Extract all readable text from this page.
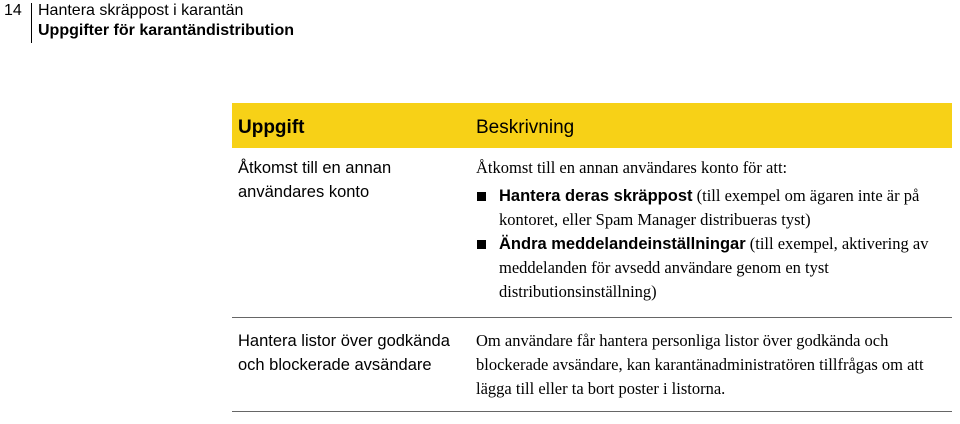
14 Hantera skräppost i karantän
Uppgifter för karantändistribution
Uppgift	Beskrivning
Åtkomst till en annan användares konto

Åtkomst till en annan användares konto för att:

Hantera deras skräppost (till exempel om ägaren inte är på kontoret, eller Spam Manager distribueras tyst)
Ändra meddelandeinställningar (till exempel, aktivering av meddelanden för avsedd användare genom en tyst distributionsinställning)
Hantera listor över godkända och blockerade avsändare

Om användare får hantera personliga listor över godkända och blockerade avsändare, kan karantänadministratören tillfrågas om att lägga till eller ta bort poster i listorna.
